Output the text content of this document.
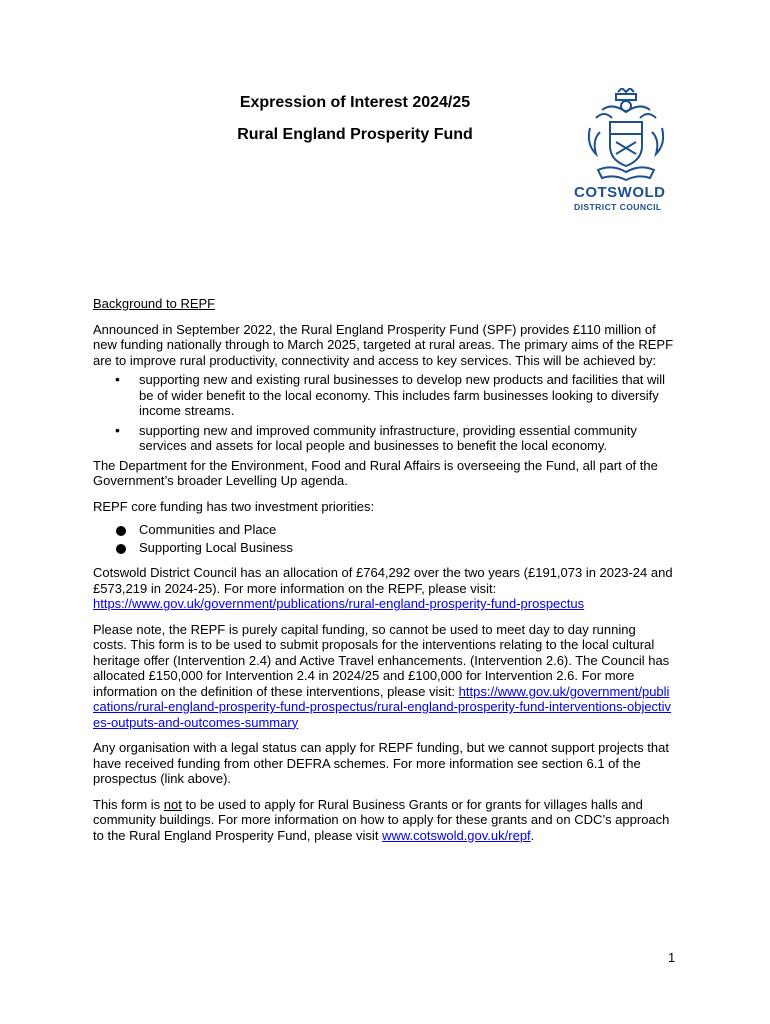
Expression of Interest 2024/25
Rural England Prosperity Fund
COTSWOLD
DISTRICT COUNCIL

Background to REPF

Announced in September 2022, the Rural England Prosperity Fund (SPF) provides £110 million of new funding nationally through to March 2025, targeted at rural areas. The primary aims of the REPF are to improve rural productivity, connectivity and access to key services. This will be achieved by:

• supporting new and existing rural businesses to develop new products and facilities that will be of wider benefit to the local economy. This includes farm businesses looking to diversify income streams.
• supporting new and improved community infrastructure, providing essential community services and assets for local people and businesses to benefit the local economy.

The Department for the Environment, Food and Rural Affairs is overseeing the Fund, all part of the Government’s broader Levelling Up agenda.

REPF core funding has two investment priorities:

Communities and Place
Supporting Local Business

Cotswold District Council has an allocation of £764,292 over the two years (£191,073 in 2023-24 and £573,219 in 2024-25). For more information on the REPF, please visit: https://www.gov.uk/government/publications/rural-england-prosperity-fund-prospectus

Please note, the REPF is purely capital funding, so cannot be used to meet day to day running costs. This form is to be used to submit proposals for the interventions relating to the local cultural heritage offer (Intervention 2.4) and Active Travel enhancements. (Intervention 2.6). The Council has allocated £150,000 for Intervention 2.4 in 2024/25 and £100,000 for Intervention 2.6. For more information on the definition of these interventions, please visit: https://www.gov.uk/government/publications/rural-england-prosperity-fund-prospectus/rural-england-prosperity-fund-interventions-objectives-outputs-and-outcomes-summary

Any organisation with a legal status can apply for REPF funding, but we cannot support projects that have received funding from other DEFRA schemes. For more information see section 6.1 of the prospectus (link above).

This form is not to be used to apply for Rural Business Grants or for grants for villages halls and community buildings. For more information on how to apply for these grants and on CDC’s approach to the Rural England Prosperity Fund, please visit www.cotswold.gov.uk/repf.

1
